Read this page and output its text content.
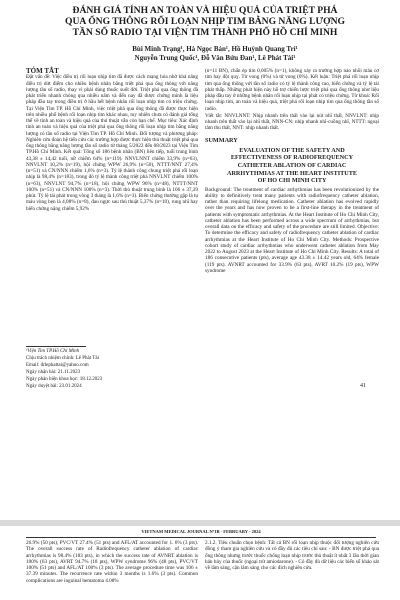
ĐÁNH GIÁ TÍNH AN TOÀN VÀ HIỆU QUẢ CỦA TRIỆT PHÁ
QUA ỐNG THÔNG RỐI LOẠN NHỊP TIM BẰNG NĂNG LƯỢNG
TẦN SỐ RADIO TẠI VIỆN TIM THÀNH PHỐ HỒ CHÍ MINH
Bùi Minh Trạng¹, Hà Ngọc Bản¹, Hồ Huỳnh Quang Trí¹
Nguyễn Trung Quốc¹, Đỗ Văn Bửu Đan¹, Lê Phát Tài¹
TÓM TẮT
Đặt vấn đề: Việc điều trị rối loạn nhịp tim đã được cách mạng hóa nhờ khả năng điều trị dứt điểm cho nhiều bệnh nhân bằng triệt phá qua ống thông với năng lượng tần số radio, thay vì phải dùng thuốc suốt đời. Triệt phá qua ống thông đã phát triển nhanh chóng qua nhiều năm và đến nay đã được chứng minh là liệu pháp đầu tay trong điều trị ở hầu hết bệnh nhân rối loạn nhịp tim có triệu chứng. Tại Viện Tim TP. Hồ Chí Minh, việc triệt phá qua ống thông đã được thực hiện trên nhiều phổ bệnh rối loạn nhịp tim khác nhau, tuy nhiên chưa có đánh giá tổng thể về tính an toàn và hiệu quả của thủ thuật vẫn còn hạn chế. Mục tiêu: Xác định tính an toàn và hiệu quả của triệt phá qua ống thông rối loạn nhịp tim bằng năng lượng có tần số radio tại Viện Tim TP. Hồ Chí Minh. Đối tượng và phương pháp: Nghiên cứu đoàn hệ tiến cứu các trường hợp được thực hiện thủ thuật triệt phá qua ống thông bằng năng lượng tần số radio từ tháng 5/2022 đến 08/2023 tại Viện Tim TP.Hồ Chí Minh. Kết quả: Tổng số 186 bệnh nhân (BN) liên tiếp, tuổi trung bình 43,38 ± 14,42 tuổi, nữ chiếm 64% (n=119). NNVLNNT chiếm 33,9% (n=63), NNVLNT 10,2% (n=19), hội chứng WPW 26,9% (n=50), NTTT/NNT 27,4% (n=51) và CN/NNN chiếm 1,6% (n=3). Tỷ lệ thành công chung triệt phá rối loạn nhịp là 98,4% (n=183), trong đó tỷ lệ thành công triệt phá NNVLNT chiếm 100% (n=63), NNVLNT 94,7% (n=18), hội chứng WPW 96% (n=48), NTTT/NNT 100% (n=51) và CN/NNN 100% (n=3). Thời thủ thuật trung bình là 106 ± 37,39 phút. Tỷ lệ tái phát trong vòng 3 tháng là 1,6% (n=3). Biến chứng thường gặp là tụ máu vùng bẹn là 4,08% (n=8), đau ngực sau thủ thuật 5,37% (n=10), rung nhĩ hay biến chứng nặng chiếm 5,92%
¹Viện Tim TP.Hồ Chí Minh
Chịu trách nhiệm chính: Lê Phát Tài
Email: drlephattai@yahoo.com
Ngày nhận bài: 21.11.2023
Ngày phản biện khoa học: 18.12.2023
Ngày duyệt bài: 23.01.2024
(n=11 BN), chấn ép tim 0,005% (n=1), không xảy ra trường hợp nào nhồi máu cơ tim hay đột quỵ. Tử vong (0%) và tử vong (0%). Kết luận: Triệt phá rối loạn nhịp tim qua ống thông với tần số radio có tỷ lệ thành công cao, biến chứng và tỷ lệ tái phát thấp. Những phát hiện này hỗ trợ chiến lược triệt phá qua ống thông như liệu pháp đầu tay ở những bệnh nhân rối loạn nhịp tại phát có triệu chứng. Từ khoá: Rối loạn nhịp tim, an toàn và hiệu quả, triệt phá rối loạn nhịp tim qua ống thông tần số radio.
Viết tắt: NNVLNNT: Nhịp nhanh trên thất vào lại nút nhĩ thất, NNVLNT: nhịp nhanh trên thất vào lại nhĩ thất, NNN-CN: nhịp nhanh nhĩ-cuồng nhĩ, NTTT: ngoại tâm thu thất, NNT: nhịp nhanh thất.
SUMMARY
EVALUATION OF THE SAFETY AND
EFFECTIVENESS OF RADIOFREQUENCY
CATHETER ABLATION OF CARDIAC
ARRHYTHMIAS AT THE HEART INSTITUTE
OF HO CHI MINH CITY
Background: The treatment of cardiac arrhythmias has been revolutionized by the ability to definitively treat many patients with radiofrequency catheter ablation, rather than requiring lifelong medication. Catheter ablation has evolved rapidly over the years and has now proven to be a first-line therapy in the treatment of patients with symptomatic arrhythmias. At the Heart Institute of Ho Chi Minh City, catheter ablation has been performed across a wide spectrum of arrhythmias, but overall data on the efficacy and safety of the procedure are still limited. Objective: To determine the efficacy and safety of radiofrequency catheter ablation of cardiac arrhythmias at the Heart Institute of Ho Chi Minh City. Methods: Prospective cohort study of cardiac arrhythmias who underwent catheter ablation from May 2022 to August 2023 at the Heart Institute of Ho Chi Minh City. Results: A total of 186 consecutive patients (pts), average age 43.38 ± 14.42 years old, 64% female (119 pts). AVNRT accounted for 33.9% (63 pts), AVRT 10.2% (19 pts), WPW syndrome
41
VIETNAM MEDICAL JOURNAL Nº1B - FEBRUARY - 2024
26.9% (50 pts), PVC/VT 27.4% (51 pts) and AFL/AT accounted for 1. 6% (3 pts). The overall success rate of Radiofrequency catheter ablation of cardiac arrhythmias is 98.4% (183 pts), in which the success rate of AVNRT ablation is 100% (63 pts), AVRT 94.7% (18 pts), WPW syndrome 96% (48 pts), PVC/VT 100% (51 pts) and AFL/AT 100% (3 pts). The average procedure time was 106 ± 37.39 minutes. The recurrence rate within 3 months is 1.6% (3 pts). Common complications are inguinal hematoma 4.08%
2.1.2. Tiêu chuẩn chọn bệnh: Tất cả BN rối loạn nhịp thuộc đối tượng nghiên cứu đồng ý tham gia nghiên cứu và có đầy đủ các tiêu chí sau: - BN được triệt phá qua ống thông nhưng trước thuốc chống loạn nhịp trước thủ thuật ít nhất 3 lần thời gian bán hủy của thuốc (ngoại trừ amiodarone). - Có đầy đủ dữ liệu các biến số khảo sát về lâm sàng, cận lâm sàng cho các đích nghiên cứu.
